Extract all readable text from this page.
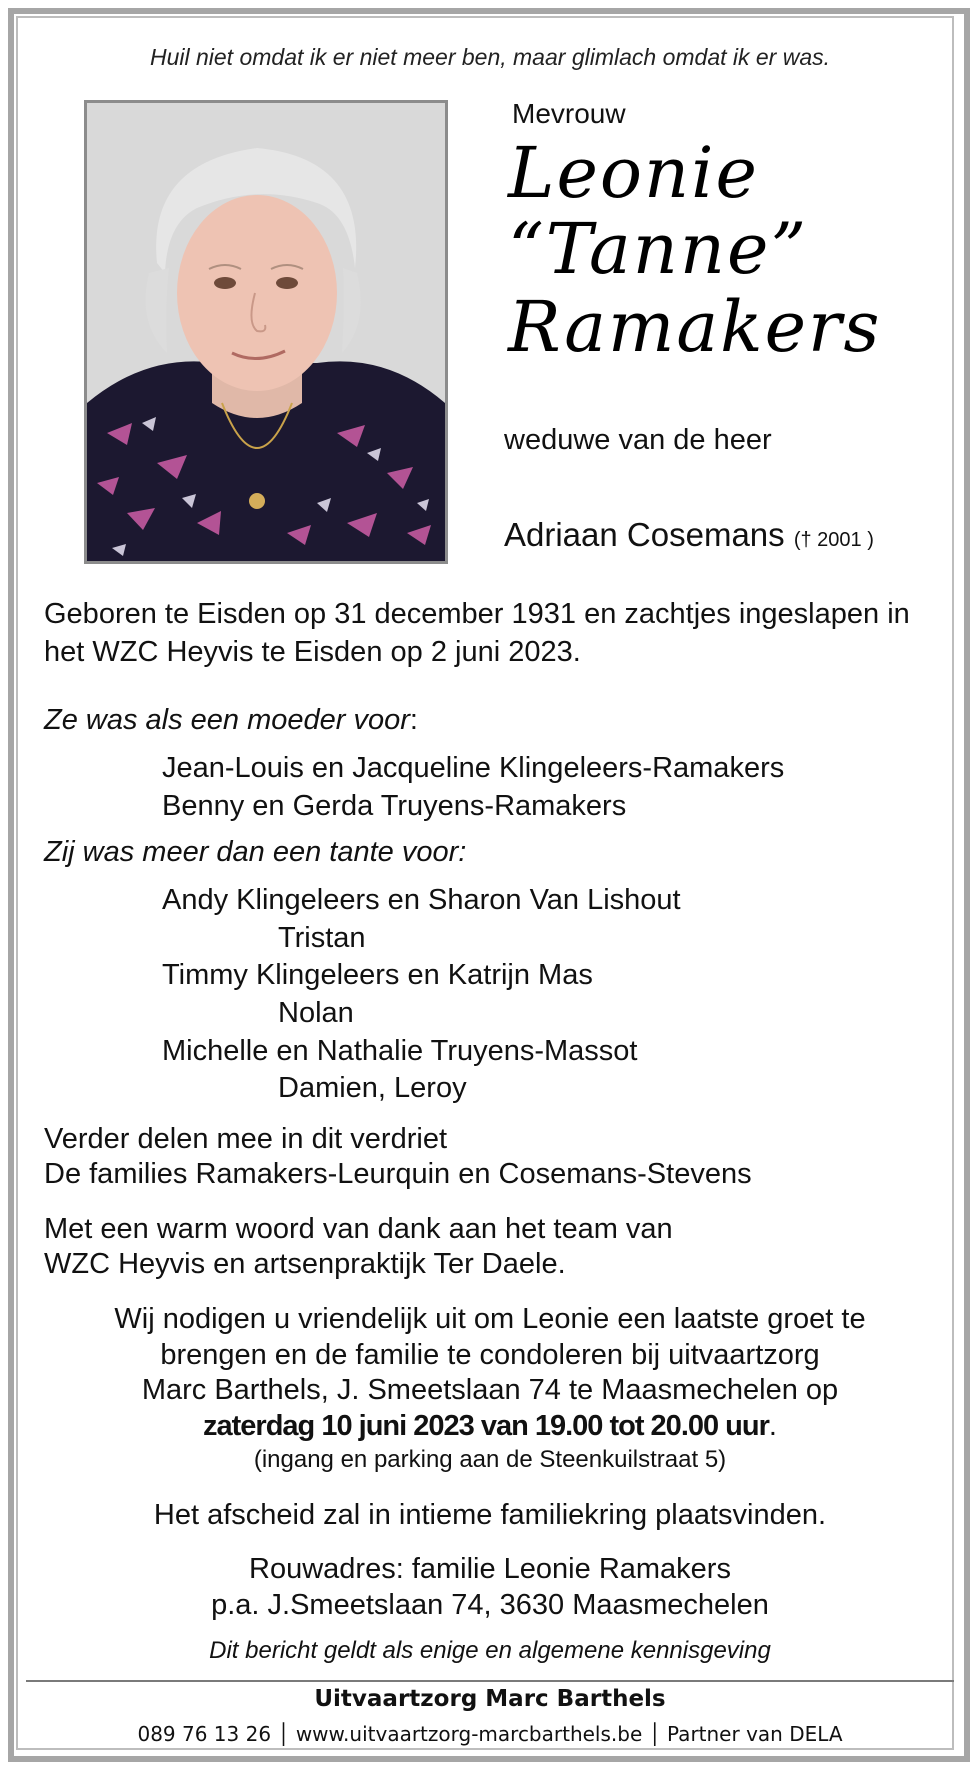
Huil niet omdat ik er niet meer ben, maar glimlach omdat ik er was.
Mevrouw
Leonie
“Tanne”
Ramakers
weduwe van de heer
Adriaan Cosemans († 2001 )
Geboren te Eisden op 31 december 1931 en zachtjes ingeslapen in
het WZC Heyvis te Eisden op 2 juni 2023.
Ze was als een moeder voor:
Jean-Louis en Jacqueline Klingeleers-Ramakers
Benny en Gerda Truyens-Ramakers
Zij was meer dan een tante voor:
Andy Klingeleers en Sharon Van Lishout
Tristan
Timmy Klingeleers en Katrijn Mas
Nolan
Michelle en Nathalie Truyens-Massot
Damien, Leroy
Verder delen mee in dit verdriet
De families Ramakers-Leurquin en Cosemans-Stevens
Met een warm woord van dank aan het team van
WZC Heyvis en artsenpraktijk Ter Daele.
Wij nodigen u vriendelijk uit om Leonie een laatste groet te
brengen en de familie te condoleren bij uitvaartzorg
Marc Barthels, J. Smeetslaan 74 te Maasmechelen op
zaterdag 10 juni 2023 van 19.00 tot 20.00 uur.
(ingang en parking aan de Steenkuilstraat 5)
Het afscheid zal in intieme familiekring plaatsvinden.
Rouwadres: familie Leonie Ramakers
p.a. J.Smeetslaan 74, 3630 Maasmechelen
Dit bericht geldt als enige en algemene kennisgeving
Uitvaartzorg Marc Barthels
089 76 13 26 │ www.uitvaartzorg-marcbarthels.be │ Partner van DELA
